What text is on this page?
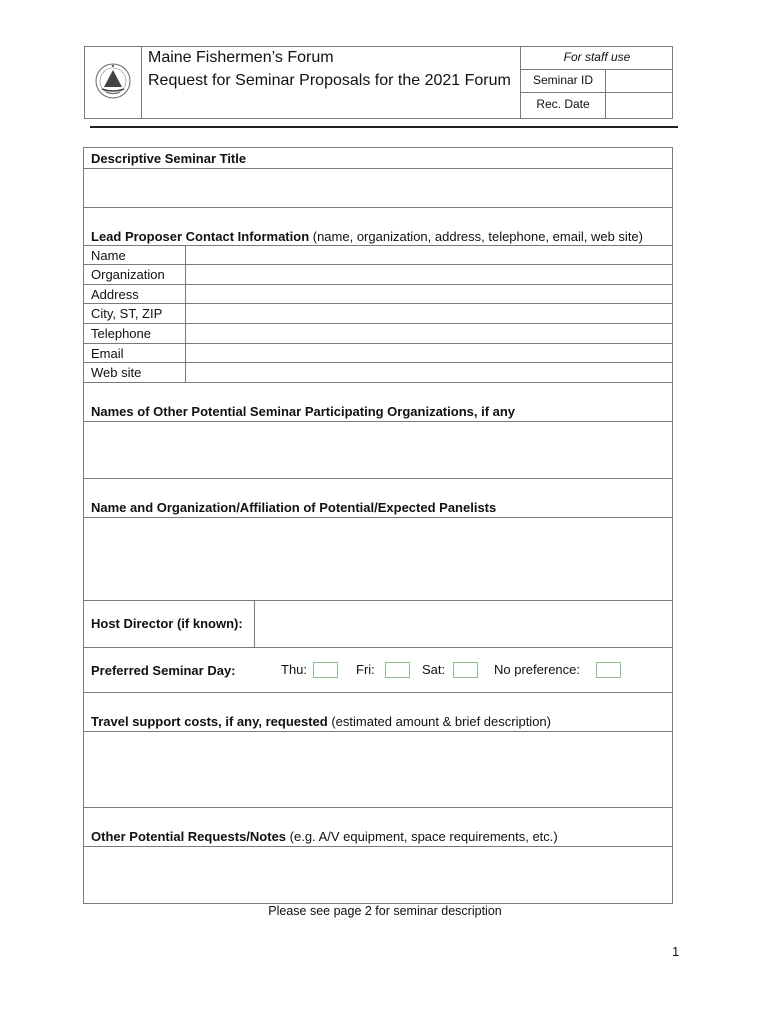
Maine Fishermen’s Forum
Request for Seminar Proposals for the 2021 Forum
For staff use
Seminar ID
Rec. Date
Descriptive Seminar Title
Lead Proposer Contact Information (name, organization, address, telephone, email, web site)
Name
Organization
Address
City, ST, ZIP
Telephone
Email
Web site
Names of Other Potential Seminar Participating Organizations, if any
Name and Organization/Affiliation of Potential/Expected Panelists
Host Director (if known):
Preferred Seminar Day:	Thu:	Fri:	Sat:	No preference:
Travel support costs, if any, requested (estimated amount & brief description)
Other Potential Requests/Notes (e.g. A/V equipment, space requirements, etc.)
Please see page 2 for seminar description
1
